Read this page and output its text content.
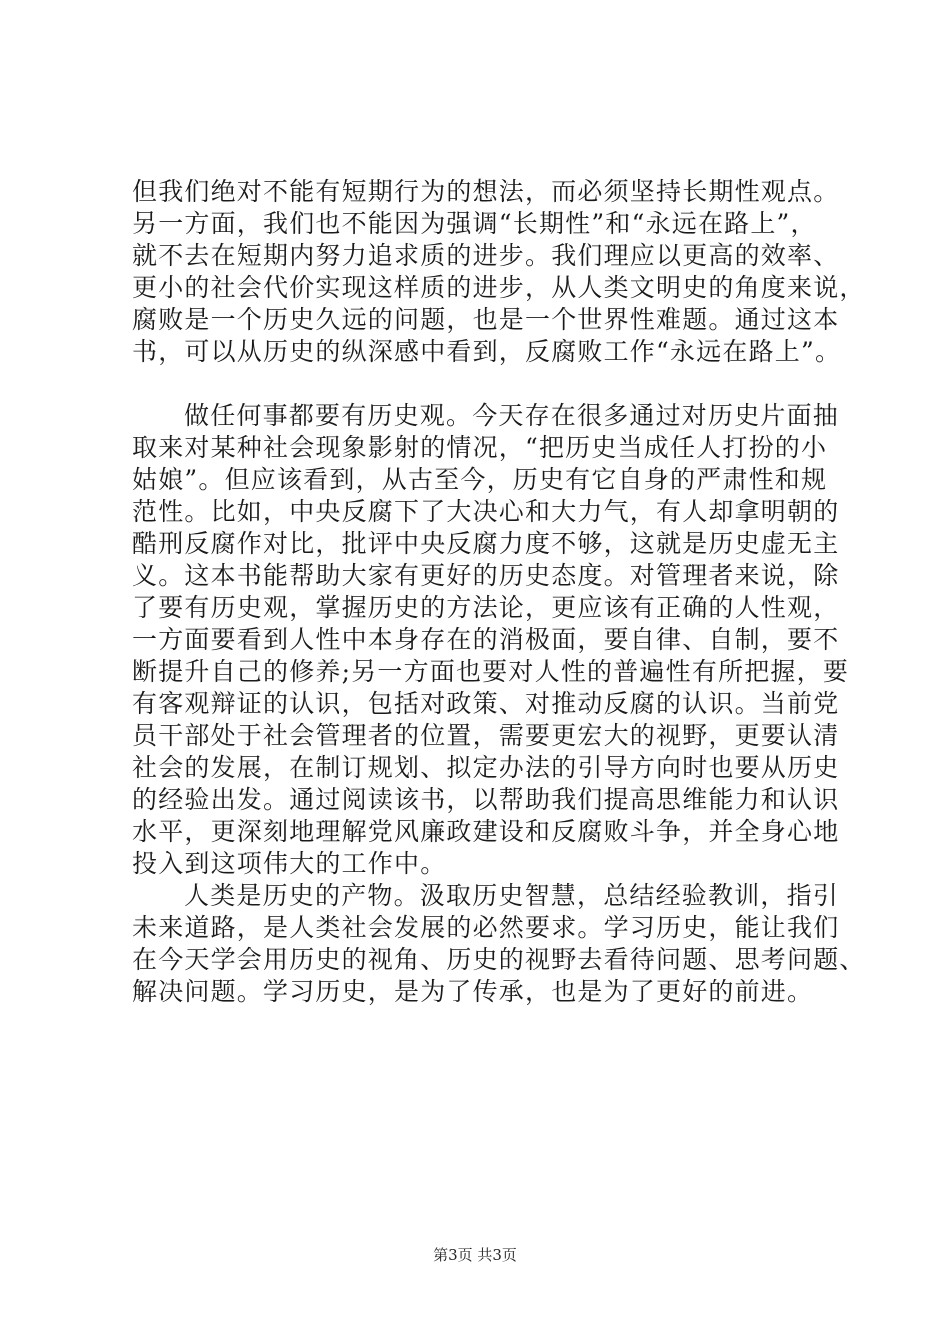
但我们绝对不能有短期行为的想法，而必须坚持长期性观点。
另一方面，我们也不能因为强调“长期性”和“永远在路上”，
就不去在短期内努力追求质的进步。我们理应以更高的效率、
更小的社会代价实现这样质的进步，从人类文明史的角度来说，
腐败是一个历史久远的问题，也是一个世界性难题。通过这本
书，可以从历史的纵深感中看到，反腐败工作“永远在路上”。
做任何事都要有历史观。今天存在很多通过对历史片面抽
取来对某种社会现象影射的情况，“把历史当成任人打扮的小
姑娘”。但应该看到，从古至今，历史有它自身的严肃性和规
范性。比如，中央反腐下了大决心和大力气，有人却拿明朝的
酷刑反腐作对比，批评中央反腐力度不够，这就是历史虚无主
义。这本书能帮助大家有更好的历史态度。对管理者来说，除
了要有历史观，掌握历史的方法论，更应该有正确的人性观，
一方面要看到人性中本身存在的消极面，要自律、自制，要不
断提升自己的修养;另一方面也要对人性的普遍性有所把握，要
有客观辩证的认识，包括对政策、对推动反腐的认识。当前党
员干部处于社会管理者的位置，需要更宏大的视野，更要认清
社会的发展，在制订规划、拟定办法的引导方向时也要从历史
的经验出发。通过阅读该书，以帮助我们提高思维能力和认识
水平，更深刻地理解党风廉政建设和反腐败斗争，并全身心地
投入到这项伟大的工作中。
人类是历史的产物。汲取历史智慧，总结经验教训，指引
未来道路，是人类社会发展的必然要求。学习历史，能让我们
在今天学会用历史的视角、历史的视野去看待问题、思考问题、
解决问题。学习历史，是为了传承，也是为了更好的前进。
第3页 共3页
